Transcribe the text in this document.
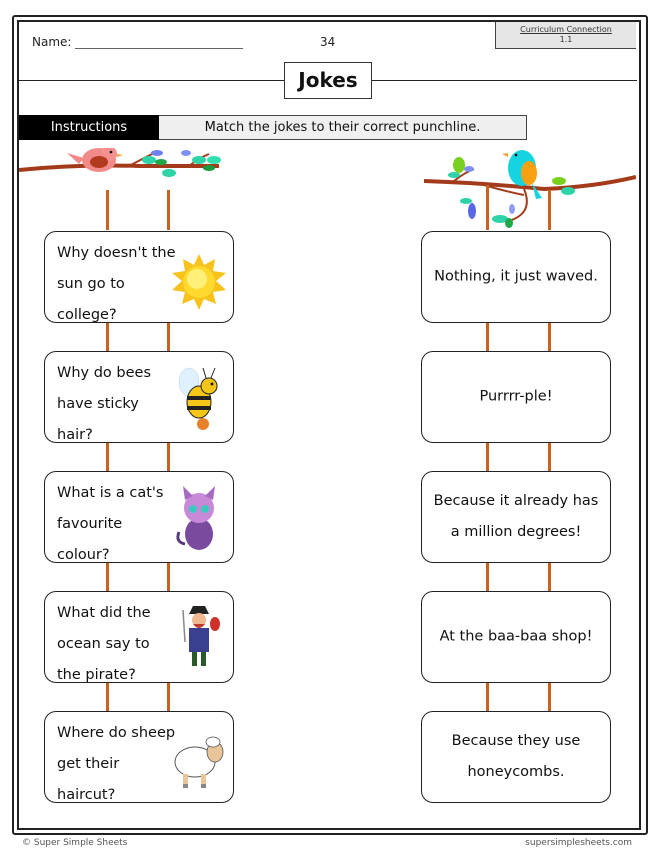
Name:	34
Curriculum Connection
1.1
Jokes
Instructions	Match the jokes to their correct punchline.
Why doesn't the sun go to college?
Why do bees have sticky hair?
What is a cat's favourite colour?
What did the ocean say to the pirate?
Where do sheep get their haircut?
Nothing, it just waved.
Purrrr-ple!
Because it already has a million degrees!
At the baa-baa shop!
Because they use honeycombs.
© Super Simple Sheets	supersimplesheets.com
